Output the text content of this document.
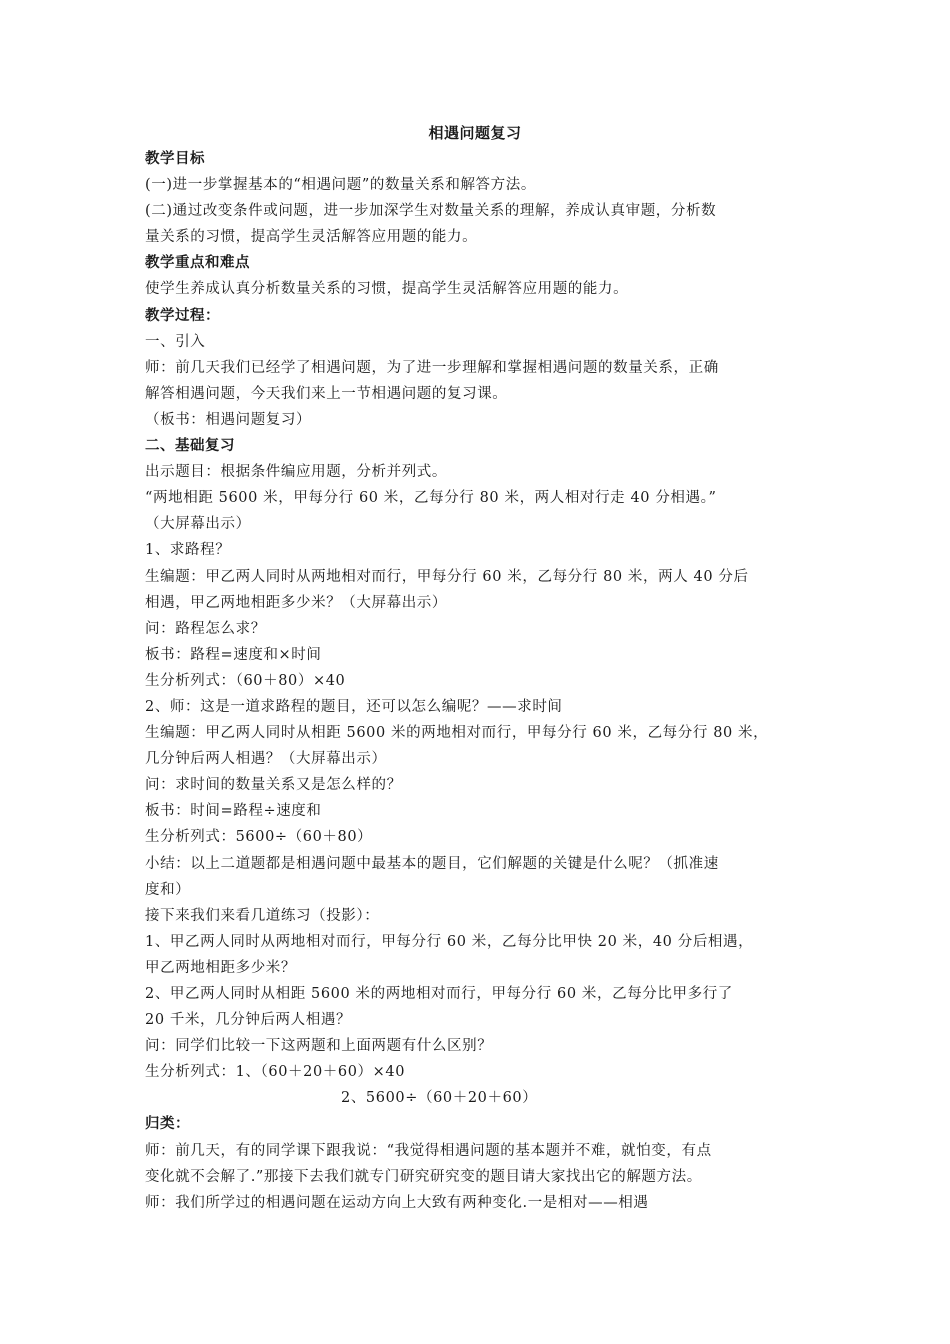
相遇问题复习
教学目标
(一)进一步掌握基本的“相遇问题”的数量关系和解答方法。
(二)通过改变条件或问题，进一步加深学生对数量关系的理解，养成认真审题，分析数
量关系的习惯，提高学生灵活解答应用题的能力。
教学重点和难点
使学生养成认真分析数量关系的习惯，提高学生灵活解答应用题的能力。
教学过程：
一、引入
师：前几天我们已经学了相遇问题，为了进一步理解和掌握相遇问题的数量关系，正确
解答相遇问题，今天我们来上一节相遇问题的复习课。
（板书：相遇问题复习）
二、基础复习
出示题目：根据条件编应用题，分析并列式。
“两地相距 5600 米，甲每分行 60 米，乙每分行 80 米，两人相对行走 40 分相遇。”
（大屏幕出示）
1、求路程？
生编题：甲乙两人同时从两地相对而行，甲每分行 60 米，乙每分行 80 米，两人 40 分后
相遇，甲乙两地相距多少米？（大屏幕出示）
问：路程怎么求？
板书：路程=速度和×时间
生分析列式：（60＋80）×40
2、师：这是一道求路程的题目，还可以怎么编呢？——求时间
生编题：甲乙两人同时从相距 5600 米的两地相对而行，甲每分行 60 米，乙每分行 80 米，
几分钟后两人相遇？（大屏幕出示）
问：求时间的数量关系又是怎么样的？
板书：时间=路程÷速度和
生分析列式：5600÷（60＋80）
小结：以上二道题都是相遇问题中最基本的题目，它们解题的关键是什么呢？（抓准速
度和）
接下来我们来看几道练习（投影）：
1、甲乙两人同时从两地相对而行，甲每分行 60 米，乙每分比甲快 20 米，40 分后相遇，
甲乙两地相距多少米？
2、甲乙两人同时从相距 5600 米的两地相对而行，甲每分行 60 米，乙每分比甲多行了
20 千米，几分钟后两人相遇？
问：同学们比较一下这两题和上面两题有什么区别？
生分析列式：1、（60＋20＋60）×40
2、5600÷（60＋20＋60）
归类：
师：前几天，有的同学课下跟我说：“我觉得相遇问题的基本题并不难，就怕变，有点
变化就不会解了.”那接下去我们就专门研究研究变的题目请大家找出它的解题方法。
师：我们所学过的相遇问题在运动方向上大致有两种变化.一是相对——相遇
